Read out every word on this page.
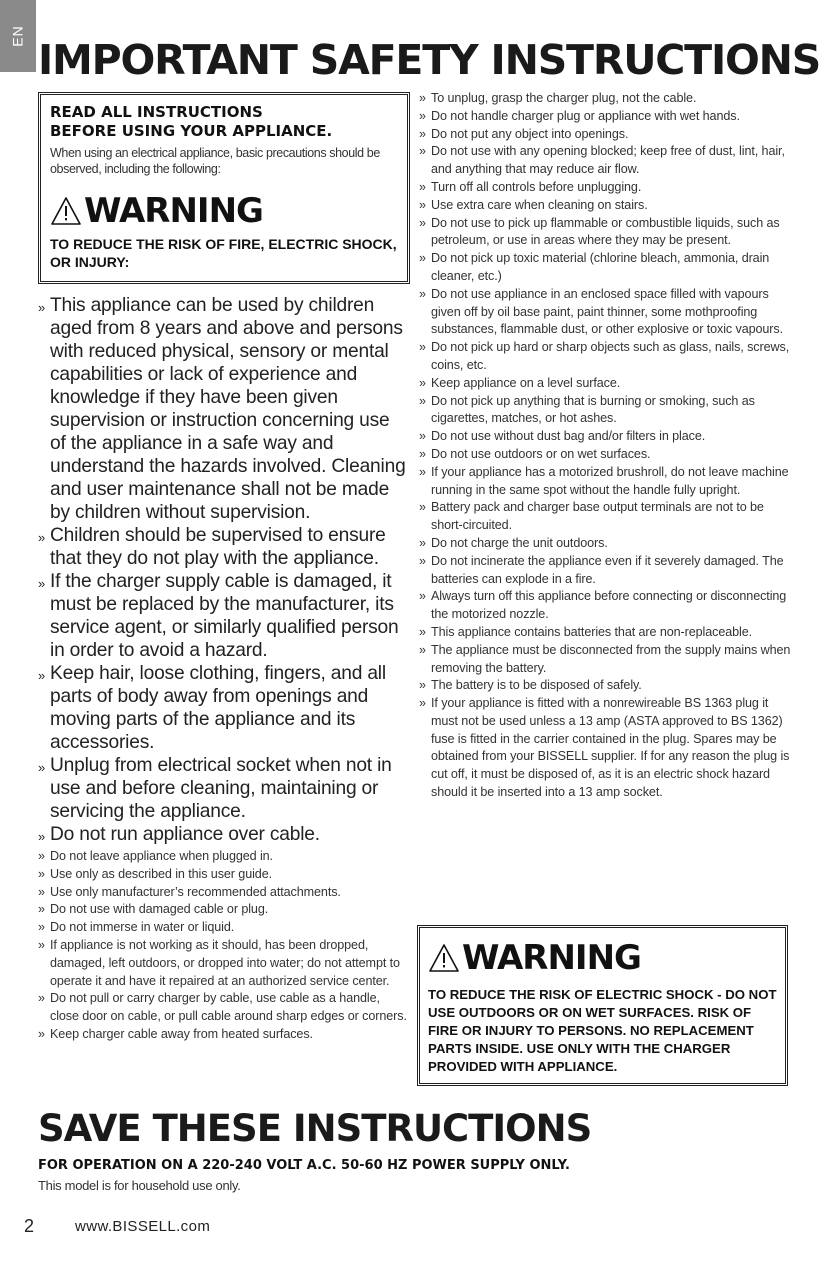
EN IMPORTANT SAFETY INSTRUCTIONS
READ ALL INSTRUCTIONS
BEFORE USING YOUR APPLIANCE.

When using an electrical appliance, basic precautions should be observed, including the following:

WARNING
TO REDUCE THE RISK OF FIRE, ELECTRIC SHOCK, OR INJURY:
» This appliance can be used by children aged from 8 years and above and persons with reduced physical, sensory or mental capabilities or lack of experience and knowledge if they have been given supervision or instruction concerning use of the appliance in a safe way and understand the hazards involved. Cleaning and user maintenance shall not be made by children without supervision.
» Children should be supervised to ensure that they do not play with the appliance.
» If the charger supply cable is damaged, it must be replaced by the manufacturer, its service agent, or similarly qualified person in order to avoid a hazard.
» Keep hair, loose clothing, fingers, and all parts of body away from openings and moving parts of the appliance and its accessories.
» Unplug from electrical socket when not in use and before cleaning, maintaining or servicing the appliance.
» Do not run appliance over cable.
» Do not leave appliance when plugged in.
» Use only as described in this user guide.
» Use only manufacturer’s recommended attachments.
» Do not use with damaged cable or plug.
» Do not immerse in water or liquid.
» If appliance is not working as it should, has been dropped, damaged, left outdoors, or dropped into water; do not attempt to operate it and have it repaired at an authorized service center.
» Do not pull or carry charger by cable, use cable as a handle, close door on cable, or pull cable around sharp edges or corners.
» Keep charger cable away from heated surfaces.
» To unplug, grasp the charger plug, not the cable.
» Do not handle charger plug or appliance with wet hands.
» Do not put any object into openings.
» Do not use with any opening blocked; keep free of dust, lint, hair, and anything that may reduce air flow.
» Turn off all controls before unplugging.
» Use extra care when cleaning on stairs.
» Do not use to pick up flammable or combustible liquids, such as petroleum, or use in areas where they may be present.
» Do not pick up toxic material (chlorine bleach, ammonia, drain cleaner, etc.)
» Do not use appliance in an enclosed space filled with vapours given off by oil base paint, paint thinner, some mothproofing substances, flammable dust, or other explosive or toxic vapours.
» Do not pick up hard or sharp objects such as glass, nails, screws, coins, etc.
» Keep appliance on a level surface.
» Do not pick up anything that is burning or smoking, such as cigarettes, matches, or hot ashes.
» Do not use without dust bag and/or filters in place.
» Do not use outdoors or on wet surfaces.
» If your appliance has a motorized brushroll, do not leave machine running in the same spot without the handle fully upright.
» Battery pack and charger base output terminals are not to be short-circuited.
» Do not charge the unit outdoors.
» Do not incinerate the appliance even if it severely damaged. The batteries can explode in a fire.
» Always turn off this appliance before connecting or disconnecting the motorized nozzle.
» This appliance contains batteries that are non-replaceable.
» The appliance must be disconnected from the supply mains when removing the battery.
» The battery is to be disposed of safely.
» If your appliance is fitted with a nonrewireable BS 1363 plug it must not be used unless a 13 amp (ASTA approved to BS 1362) fuse is fitted in the carrier contained in the plug. Spares may be obtained from your BISSELL supplier. If for any reason the plug is cut off, it must be disposed of, as it is an electric shock hazard should it be inserted into a 13 amp socket.
WARNING
TO REDUCE THE RISK OF ELECTRIC SHOCK - DO NOT USE OUTDOORS OR ON WET SURFACES. RISK OF FIRE OR INJURY TO PERSONS. NO REPLACEMENT PARTS INSIDE. USE ONLY WITH THE CHARGER PROVIDED WITH APPLIANCE.
SAVE THESE INSTRUCTIONS
FOR OPERATION ON A 220-240 VOLT A.C. 50-60 HZ POWER SUPPLY ONLY.
This model is for household use only.
2	www.BISSELL.com
